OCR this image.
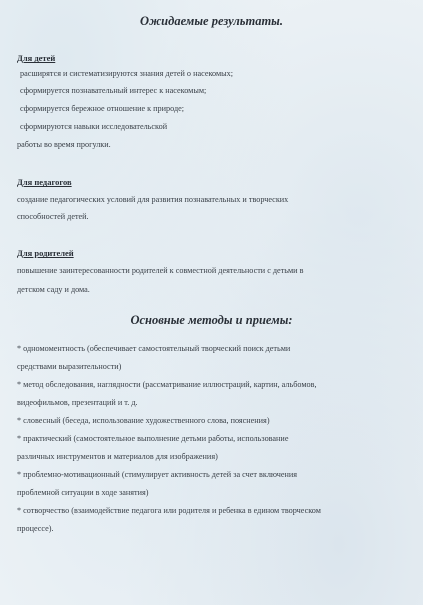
Ожидаемые результаты.
Для детей
расширятся и систематизируются знания детей о насекомых;
сформируется познавательный интерес к насекомым;
сформируется бережное отношение к природе;
сформируются навыки исследовательской
работы во время прогулки.
Для педагогов
создание педагогических условий для развития познавательных и творческих
способностей детей.
Для родителей
повышение заинтересованности родителей к совместной деятельности с детьми в
детском саду и дома.
Основные методы и приемы:
* одномоментность (обеспечивает самостоятельный творческий поиск детьми
средствами выразительности)
* метод обследования, наглядности (рассматривание иллюстраций, картин, альбомов,
видеофильмов, презентаций и т. д.
* словесный (беседа, использование художественного слова, пояснения)
* практический (самостоятельное выполнение детьми работы, использование
различных инструментов и материалов для изображения)
* проблемно-мотивационный (стимулирует активность детей за счет включения
проблемной ситуации в ходе занятия)
* сотворчество (взаимодействие педагога или родителя и ребенка в едином творческом
процессе).
